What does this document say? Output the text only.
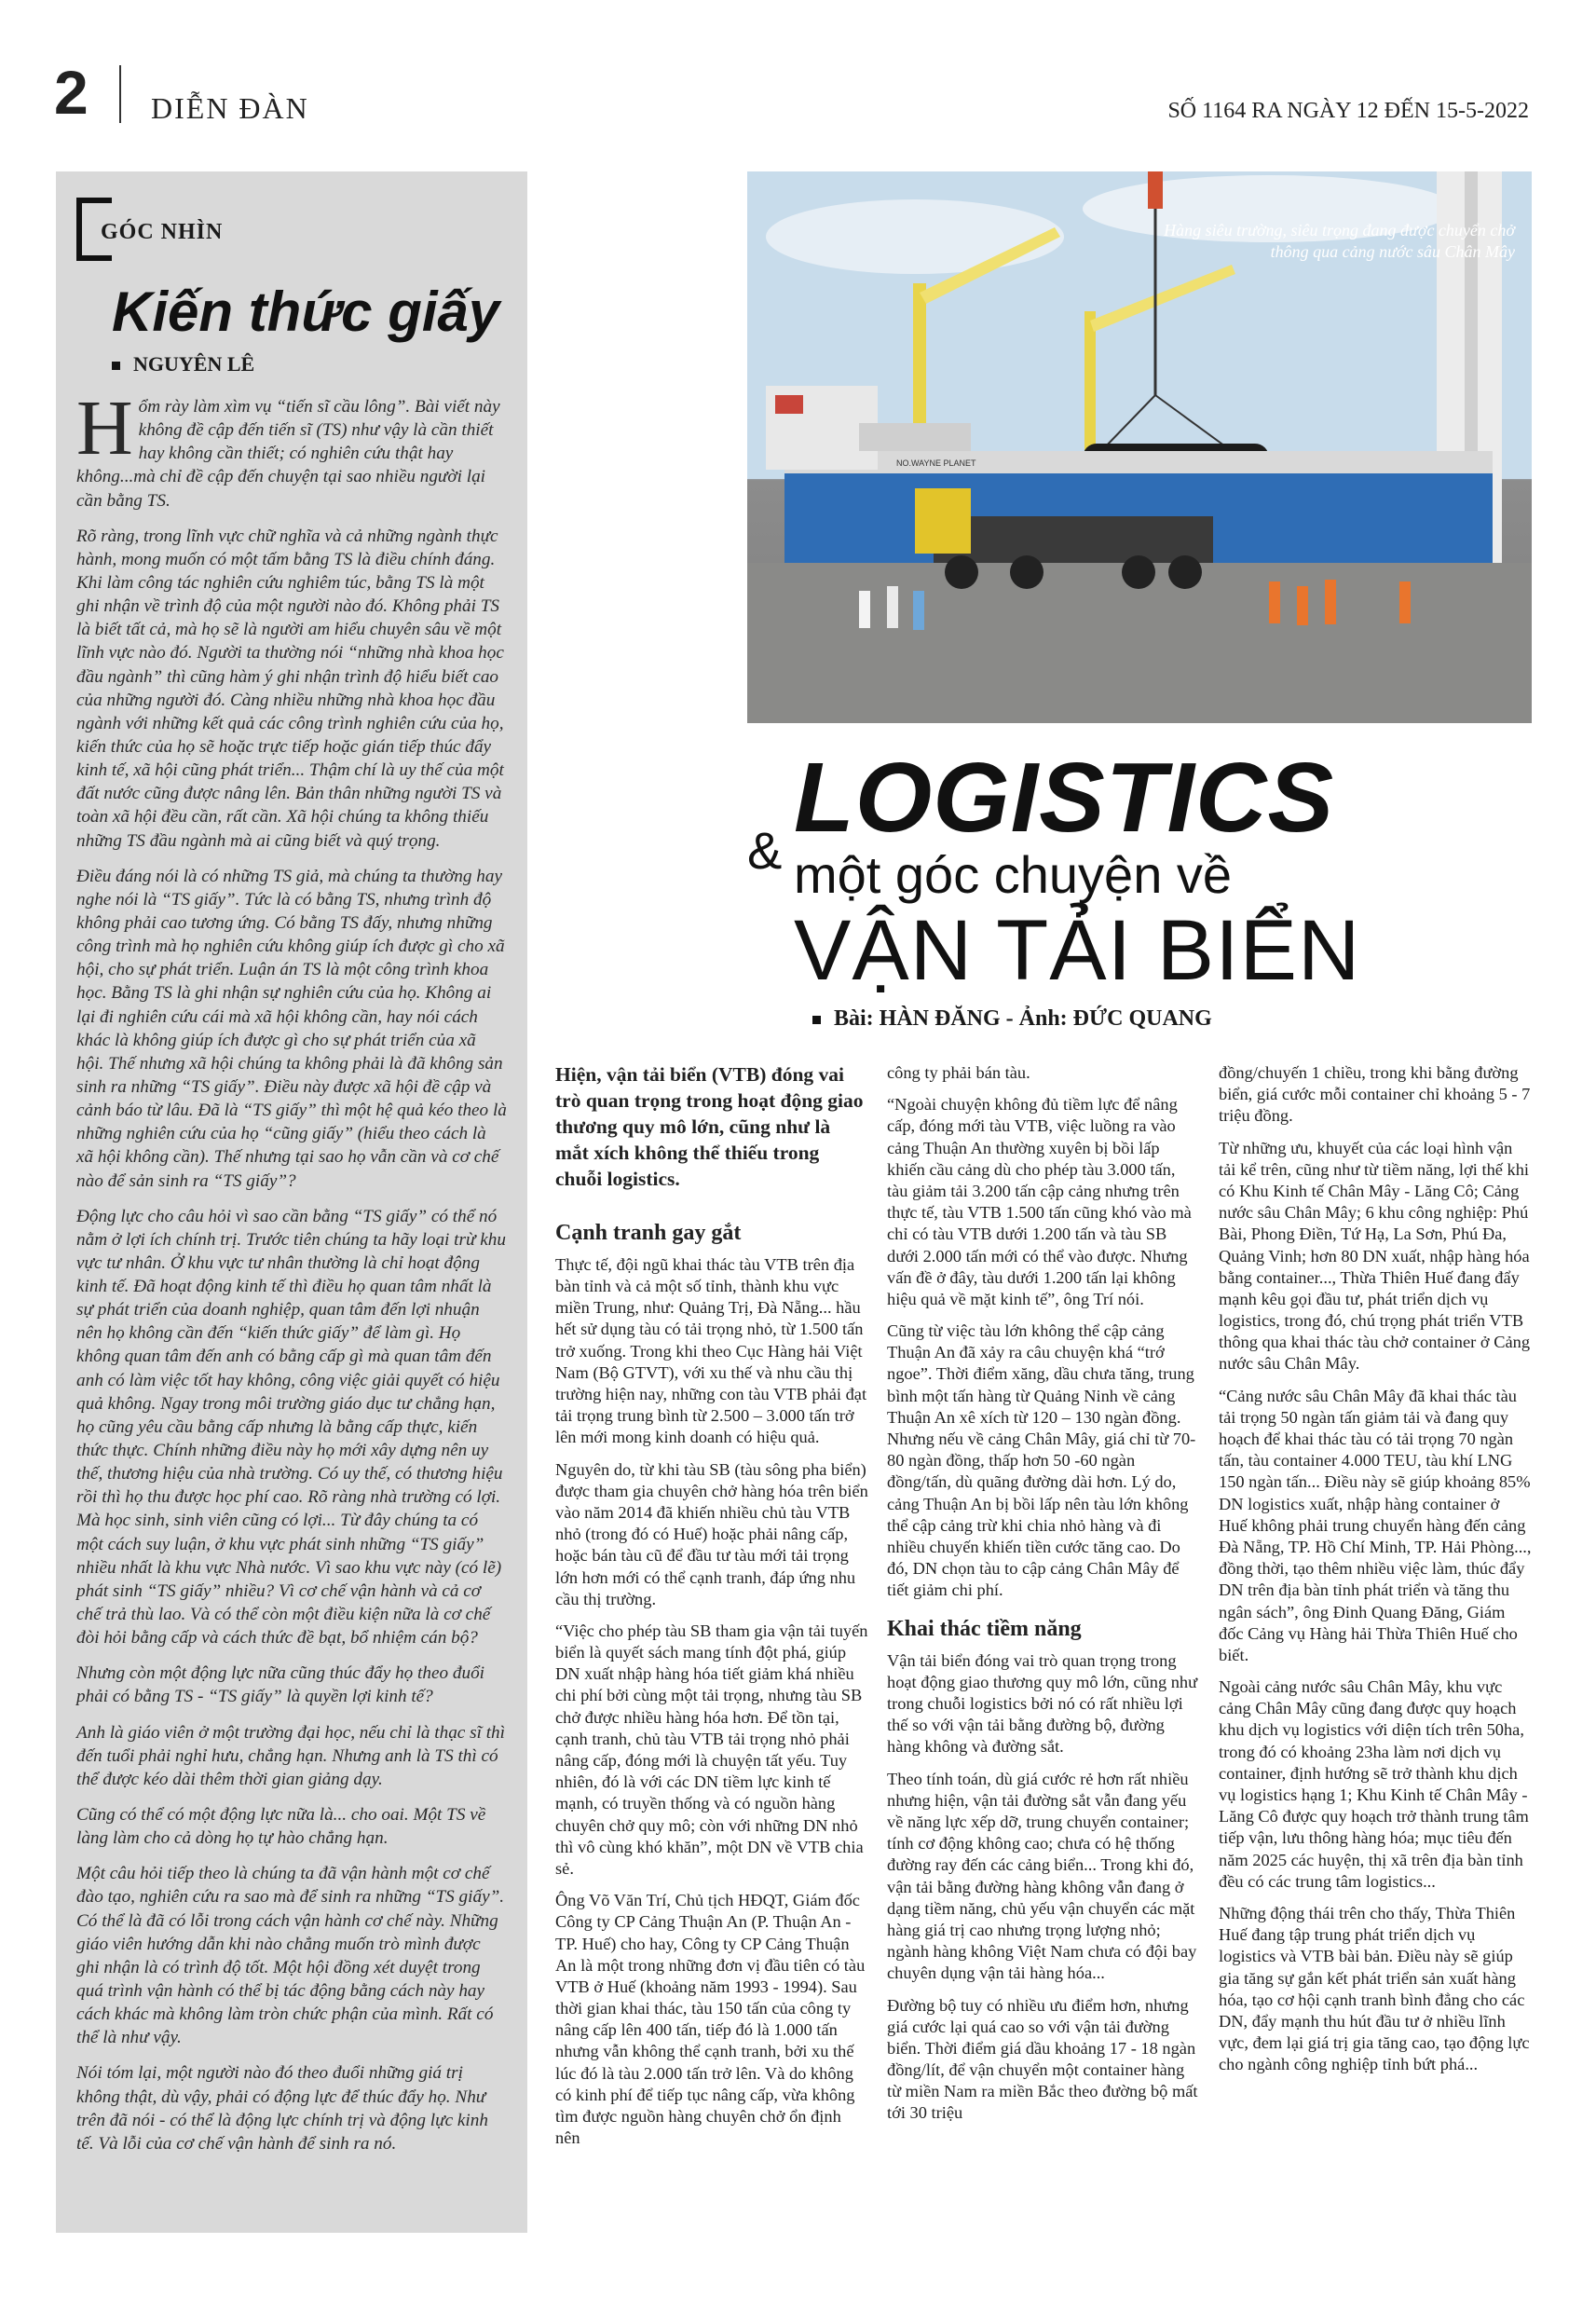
2 DIỄN ĐÀN	SỐ 1164 RA NGÀY 12 ĐẾN 15-5-2022
GÓC NHÌN
Kiến thức giấy
NGUYÊN LÊ

Hổm rày làm xìm vụ “tiến sĩ cầu lông”. Bài viết này không đề cập đến tiến sĩ (TS) như vậy là cần thiết hay không cần thiết; có nghiên cứu thật hay không...mà chỉ đề cập đến chuyện tại sao nhiều người lại cần bằng TS.

Rõ ràng, trong lĩnh vực chữ nghĩa và cả những ngành thực hành, mong muốn có một tấm bằng TS là điều chính đáng. Khi làm công tác nghiên cứu nghiêm túc, bằng TS là một ghi nhận về trình độ của một người nào đó. Không phải TS là biết tất cả, mà họ sẽ là người am hiểu chuyên sâu về một lĩnh vực nào đó. Người ta thường nói “những nhà khoa học đầu ngành” thì cũng hàm ý ghi nhận trình độ hiểu biết cao của những người đó. Càng nhiều những nhà khoa học đầu ngành với những kết quả các công trình nghiên cứu của họ, kiến thức của họ sẽ hoặc trực tiếp hoặc gián tiếp thúc đẩy kinh tế, xã hội cũng phát triển... Thậm chí là uy thế của một đất nước cũng được nâng lên. Bản thân những người TS và toàn xã hội đều cần, rất cần. Xã hội chúng ta không thiếu những TS đầu ngành mà ai cũng biết và quý trọng.

Điều đáng nói là có những TS giả, mà chúng ta thường hay nghe nói là “TS giấy”. Tức là có bằng TS, nhưng trình độ không phải cao tương ứng. Có bằng TS đấy, nhưng những công trình mà họ nghiên cứu không giúp ích được gì cho xã hội, cho sự phát triển. Luận án TS là một công trình khoa học. Bằng TS là ghi nhận sự nghiên cứu của họ. Không ai lại đi nghiên cứu cái mà xã hội không cần, hay nói cách khác là không giúp ích được gì cho sự phát triển của xã hội. Thế nhưng xã hội chúng ta không phải là đã không sản sinh ra những “TS giấy”. Điều này được xã hội đề cập và cảnh báo từ lâu. Đã là “TS giấy” thì một hệ quả kéo theo là những nghiên cứu của họ “cũng giấy” (hiểu theo cách là xã hội không cần). Thế nhưng tại sao họ vẫn cần và cơ chế nào để sản sinh ra “TS giấy”?

Động lực cho câu hỏi vì sao cần bằng “TS giấy” có thể nó nằm ở lợi ích chính trị. Trước tiên chúng ta hãy loại trừ khu vực tư nhân. Ở khu vực tư nhân thường là chỉ hoạt động kinh tế. Đã hoạt động kinh tế thì điều họ quan tâm nhất là sự phát triển của doanh nghiệp, quan tâm đến lợi nhuận nên họ không cần đến “kiến thức giấy” để làm gì. Họ không quan tâm đến anh có bằng cấp gì mà quan tâm đến anh có làm việc tốt hay không, công việc giải quyết có hiệu quả không. Ngay trong môi trường giáo dục tư chẳng hạn, họ cũng yêu cầu bằng cấp nhưng là bằng cấp thực, kiến thức thực. Chính những điều này họ mới xây dựng nên uy thế, thương hiệu của nhà trường. Có uy thế, có thương hiệu rồi thì họ thu được học phí cao. Rõ ràng nhà trường có lợi. Mà học sinh, sinh viên cũng có lợi... Từ đây chúng ta có một cách suy luận, ở khu vực phát sinh những “TS giấy” nhiều nhất là khu vực Nhà nước. Vì sao khu vực này (có lẽ) phát sinh “TS giấy” nhiều? Vì cơ chế vận hành và cả cơ chế trả thù lao. Và có thể còn một điều kiện nữa là cơ chế đòi hỏi bằng cấp và cách thức đề bạt, bổ nhiệm cán bộ?

Nhưng còn một động lực nữa cũng thúc đẩy họ theo đuổi phải có bằng TS - “TS giấy” là quyền lợi kinh tế?

Anh là giáo viên ở một trường đại học, nếu chỉ là thạc sĩ thì đến tuổi phải nghỉ hưu, chẳng hạn. Nhưng anh là TS thì có thể được kéo dài thêm thời gian giảng dạy.

Cũng có thể có một động lực nữa là... cho oai. Một TS về làng làm cho cả dòng họ tự hào chẳng hạn.

Một câu hỏi tiếp theo là chúng ta đã vận hành một cơ chế đào tạo, nghiên cứu ra sao mà để sinh ra những “TS giấy”. Có thể là đã có lỗi trong cách vận hành cơ chế này. Những giáo viên hướng dẫn khi nào chẳng muốn trò mình được ghi nhận là có trình độ tốt. Một hội đồng xét duyệt trong quá trình vận hành có thể bị tác động bằng cách này hay cách khác mà không làm tròn chức phận của mình. Rất có thể là như vậy.

Nói tóm lại, một người nào đó theo đuổi những giá trị không thật, dù vậy, phải có động lực để thúc đẩy họ. Như trên đã nói - có thể là động lực chính trị và động lực kinh tế. Và lỗi của cơ chế vận hành để sinh ra nó.

NO.WAYNE PLANET
Hàng siêu trường, siêu trọng đang được chuyển chở thông qua cảng nước sâu Chân Mây
& LOGISTICS
một góc chuyện về
VẬN TẢI BIỂN
Bài: HÀN ĐĂNG - Ảnh: ĐỨC QUANG

Hiện, vận tải biển (VTB) đóng vai trò quan trọng trong hoạt động giao thương quy mô lớn, cũng như là mắt xích không thể thiếu trong chuỗi logistics.

Cạnh tranh gay gắt

Thực tế, đội ngũ khai thác tàu VTB trên địa bàn tỉnh và cả một số tỉnh, thành khu vực miền Trung, như: Quảng Trị, Đà Nẵng... hầu hết sử dụng tàu có tải trọng nhỏ, từ 1.500 tấn trở xuống. Trong khi theo Cục Hàng hải Việt Nam (Bộ GTVT), với xu thế và nhu cầu thị trường hiện nay, những con tàu VTB phải đạt tải trọng trung bình từ 2.500 – 3.000 tấn trở lên mới mong kinh doanh có hiệu quả.

Nguyên do, từ khi tàu SB (tàu sông pha biển) được tham gia chuyên chở hàng hóa trên biển vào năm 2014 đã khiến nhiều chủ tàu VTB nhỏ (trong đó có Huế) hoặc phải nâng cấp, hoặc bán tàu cũ để đầu tư tàu mới tải trọng lớn hơn mới có thể cạnh tranh, đáp ứng nhu cầu thị trường.

“Việc cho phép tàu SB tham gia vận tải tuyến biển là quyết sách mang tính đột phá, giúp DN xuất nhập hàng hóa tiết giảm khá nhiều chi phí bởi cùng một tải trọng, nhưng tàu SB chở được nhiều hàng hóa hơn. Để tồn tại, cạnh tranh, chủ tàu VTB tải trọng nhỏ phải nâng cấp, đóng mới là chuyện tất yếu. Tuy nhiên, đó là với các DN tiềm lực kinh tế mạnh, có truyền thống và có nguồn hàng chuyên chở quy mô; còn với những DN nhỏ thì vô cùng khó khăn”, một DN về VTB chia sẻ.

Ông Võ Văn Trí, Chủ tịch HĐQT, Giám đốc Công ty CP Cảng Thuận An (P. Thuận An - TP. Huế) cho hay, Công ty CP Cảng Thuận An là một trong những đơn vị đầu tiên có tàu VTB ở Huế (khoảng năm 1993 - 1994). Sau thời gian khai thác, tàu 150 tấn của công ty nâng cấp lên 400 tấn, tiếp đó là 1.000 tấn nhưng vẫn không thể cạnh tranh, bởi xu thế lúc đó là tàu 2.000 tấn trở lên. Và do không có kinh phí để tiếp tục nâng cấp, vừa không tìm được nguồn hàng chuyên chở ổn định nên

công ty phải bán tàu.

“Ngoài chuyện không đủ tiềm lực để nâng cấp, đóng mới tàu VTB, việc luồng ra vào cảng Thuận An thường xuyên bị bồi lấp khiến cầu cảng dù cho phép tàu 3.000 tấn, tàu giảm tải 3.200 tấn cập cảng nhưng trên thực tế, tàu VTB 1.500 tấn cũng khó vào mà chỉ có tàu VTB dưới 1.200 tấn và tàu SB dưới 2.000 tấn mới có thể vào được. Nhưng vấn đề ở đây, tàu dưới 1.200 tấn lại không hiệu quả về mặt kinh tế”, ông Trí nói.

Cũng từ việc tàu lớn không thể cập cảng Thuận An đã xảy ra câu chuyện khá “trớ ngoe”. Thời điểm xăng, dầu chưa tăng, trung bình một tấn hàng từ Quảng Ninh về cảng Thuận An xê xích từ 120 – 130 ngàn đồng. Nhưng nếu về cảng Chân Mây, giá chỉ từ 70-80 ngàn đồng, thấp hơn 50 -60 ngàn đồng/tấn, dù quãng đường dài hơn. Lý do, cảng Thuận An bị bồi lấp nên tàu lớn không thể cập cảng trừ khi chia nhỏ hàng và đi nhiều chuyến khiến tiền cước tăng cao. Do đó, DN chọn tàu to cập cảng Chân Mây để tiết giảm chi phí.

Khai thác tiềm năng

Vận tải biển đóng vai trò quan trọng trong hoạt động giao thương quy mô lớn, cũng như trong chuỗi logistics bởi nó có rất nhiều lợi thế so với vận tải bằng đường bộ, đường hàng không và đường sắt.

Theo tính toán, dù giá cước rẻ hơn rất nhiều nhưng hiện, vận tải đường sắt vẫn đang yếu về năng lực xếp dỡ, trung chuyển container; tính cơ động không cao; chưa có hệ thống đường ray đến các cảng biển... Trong khi đó, vận tải bằng đường hàng không vẫn đang ở dạng tiềm năng, chủ yếu vận chuyển các mặt hàng giá trị cao nhưng trọng lượng nhỏ; ngành hàng không Việt Nam chưa có đội bay chuyên dụng vận tải hàng hóa...

Đường bộ tuy có nhiều ưu điểm hơn, nhưng giá cước lại quá cao so với vận tải đường biển. Thời điểm giá dầu khoảng 17 - 18 ngàn đồng/lít, để vận chuyển một container hàng từ miền Nam ra miền Bắc theo đường bộ mất tới 30 triệu

đồng/chuyến 1 chiều, trong khi bằng đường biển, giá cước mỗi container chỉ khoảng 5 - 7 triệu đồng.

Từ những ưu, khuyết của các loại hình vận tải kể trên, cũng như từ tiềm năng, lợi thế khi có Khu Kinh tế Chân Mây - Lăng Cô; Cảng nước sâu Chân Mây; 6 khu công nghiệp: Phú Bài, Phong Điền, Tứ Hạ, La Sơn, Phú Đa, Quảng Vinh; hơn 80 DN xuất, nhập hàng hóa bằng container..., Thừa Thiên Huế đang đẩy mạnh kêu gọi đầu tư, phát triển dịch vụ logistics, trong đó, chú trọng phát triển VTB thông qua khai thác tàu chở container ở Cảng nước sâu Chân Mây.

“Cảng nước sâu Chân Mây đã khai thác tàu tải trọng 50 ngàn tấn giảm tải và đang quy hoạch để khai thác tàu có tải trọng 70 ngàn tấn, tàu container 4.000 TEU, tàu khí LNG 150 ngàn tấn... Điều này sẽ giúp khoảng 85% DN logistics xuất, nhập hàng container ở Huế không phải trung chuyển hàng đến cảng Đà Nẵng, TP. Hồ Chí Minh, TP. Hải Phòng..., đồng thời, tạo thêm nhiều việc làm, thúc đẩy DN trên địa bàn tỉnh phát triển và tăng thu ngân sách”, ông Đinh Quang Đăng, Giám đốc Cảng vụ Hàng hải Thừa Thiên Huế cho biết.

Ngoài cảng nước sâu Chân Mây, khu vực cảng Chân Mây cũng đang được quy hoạch khu dịch vụ logistics với diện tích trên 50ha, trong đó có khoảng 23ha làm nơi dịch vụ container, định hướng sẽ trở thành khu dịch vụ logistics hạng 1; Khu Kinh tế Chân Mây - Lăng Cô được quy hoạch trở thành trung tâm tiếp vận, lưu thông hàng hóa; mục tiêu đến năm 2025 các huyện, thị xã trên địa bàn tỉnh đều có các trung tâm logistics...

Những động thái trên cho thấy, Thừa Thiên Huế đang tập trung phát triển dịch vụ logistics và VTB bài bản. Điều này sẽ giúp gia tăng sự gắn kết phát triển sản xuất hàng hóa, tạo cơ hội cạnh tranh bình đẳng cho các DN, đẩy mạnh thu hút đầu tư ở nhiều lĩnh vực, đem lại giá trị gia tăng cao, tạo động lực cho ngành công nghiệp tỉnh bứt phá...
